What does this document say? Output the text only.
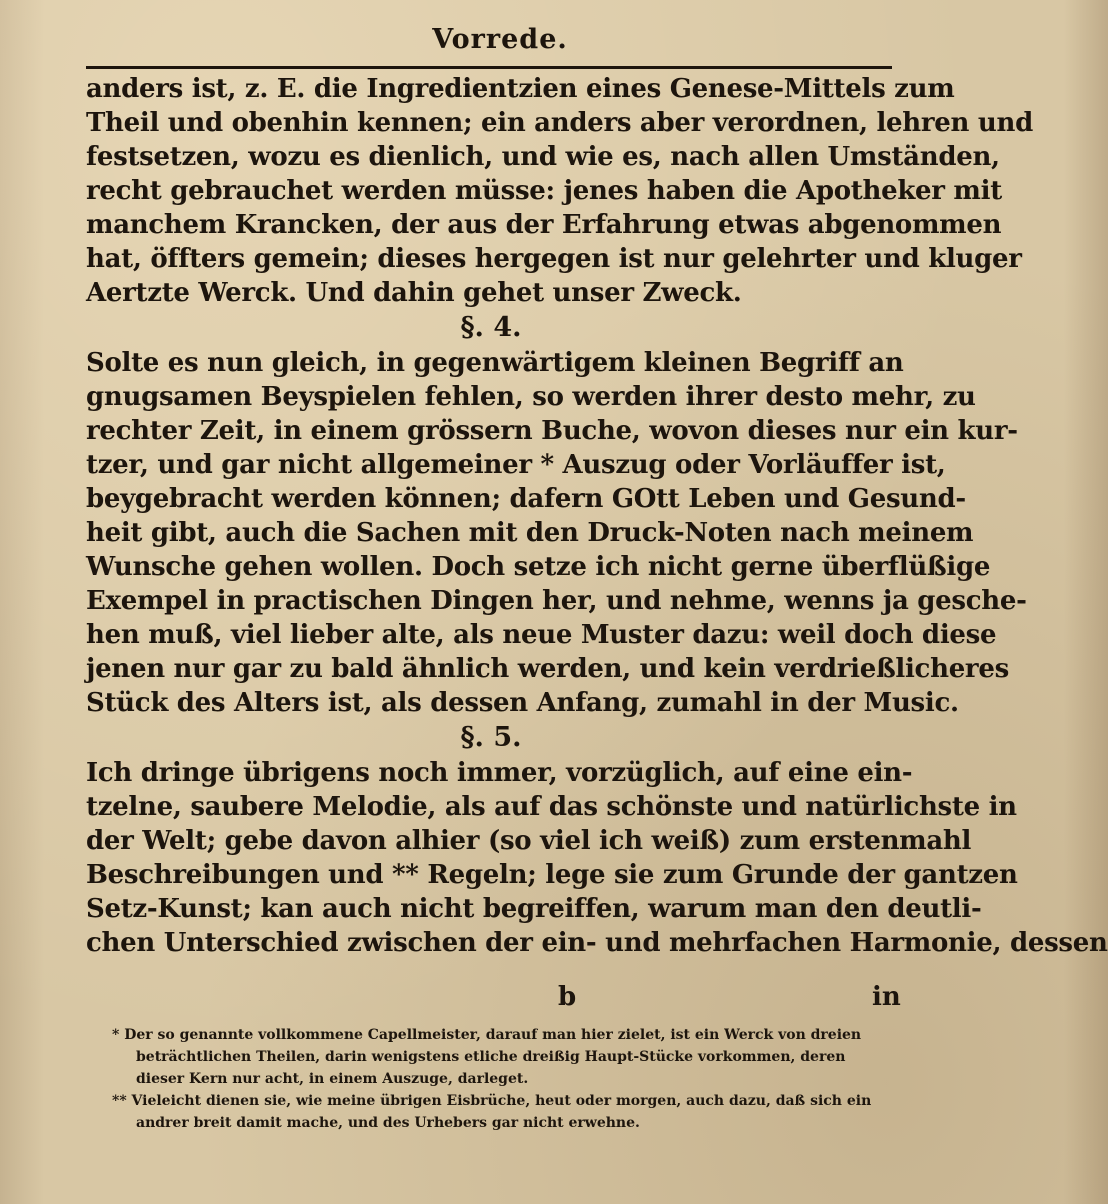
Vorrede.
anders ist, z. E. die Ingredientzien eines Genese-Mittels zum
Theil und obenhin kennen; ein anders aber verordnen, lehren und
festsetzen, wozu es dienlich, und wie es, nach allen Umständen,
recht gebrauchet werden müsse: jenes haben die Apotheker mit
manchem Krancken, der aus der Erfahrung etwas abgenommen
hat, öffters gemein; dieses hergegen ist nur gelehrter und kluger
Aertzte Werck. Und dahin gehet unser Zweck.
§. 4.
Solte es nun gleich, in gegenwärtigem kleinen Begriff an
gnugsamen Beyspielen fehlen, so werden ihrer desto mehr, zu
rechter Zeit, in einem grössern Buche, wovon dieses nur ein kur-
tzer, und gar nicht allgemeiner * Auszug oder Vorläuffer ist,
beygebracht werden können; dafern GOtt Leben und Gesund-
heit gibt, auch die Sachen mit den Druck-Noten nach meinem
Wunsche gehen wollen. Doch setze ich nicht gerne überflüßige
Exempel in practischen Dingen her, und nehme, wenns ja gesche-
hen muß, viel lieber alte, als neue Muster dazu: weil doch diese
jenen nur gar zu bald ähnlich werden, und kein verdrießlicheres
Stück des Alters ist, als dessen Anfang, zumahl in der Music.
§. 5.
Ich dringe übrigens noch immer, vorzüglich, auf eine ein-
tzelne, saubere Melodie, als auf das schönste und natürlichste in
der Welt; gebe davon alhier (so viel ich weiß) zum erstenmahl
Beschreibungen und ** Regeln; lege sie zum Grunde der gantzen
Setz-Kunst; kan auch nicht begreiffen, warum man den deutli-
chen Unterschied zwischen der ein- und mehrfachen Harmonie, dessen
b	in
* Der so genannte vollkommene Capellmeister, darauf man hier zielet, ist ein Werck von dreien
beträchtlichen Theilen, darin wenigstens etliche dreißig Haupt-Stücke vorkommen, deren
dieser Kern nur acht, in einem Auszuge, darleget.
** Vieleicht dienen sie, wie meine übrigen Eisbrüche, heut oder morgen, auch dazu, daß sich ein
andrer breit damit mache, und des Urhebers gar nicht erwehne.
